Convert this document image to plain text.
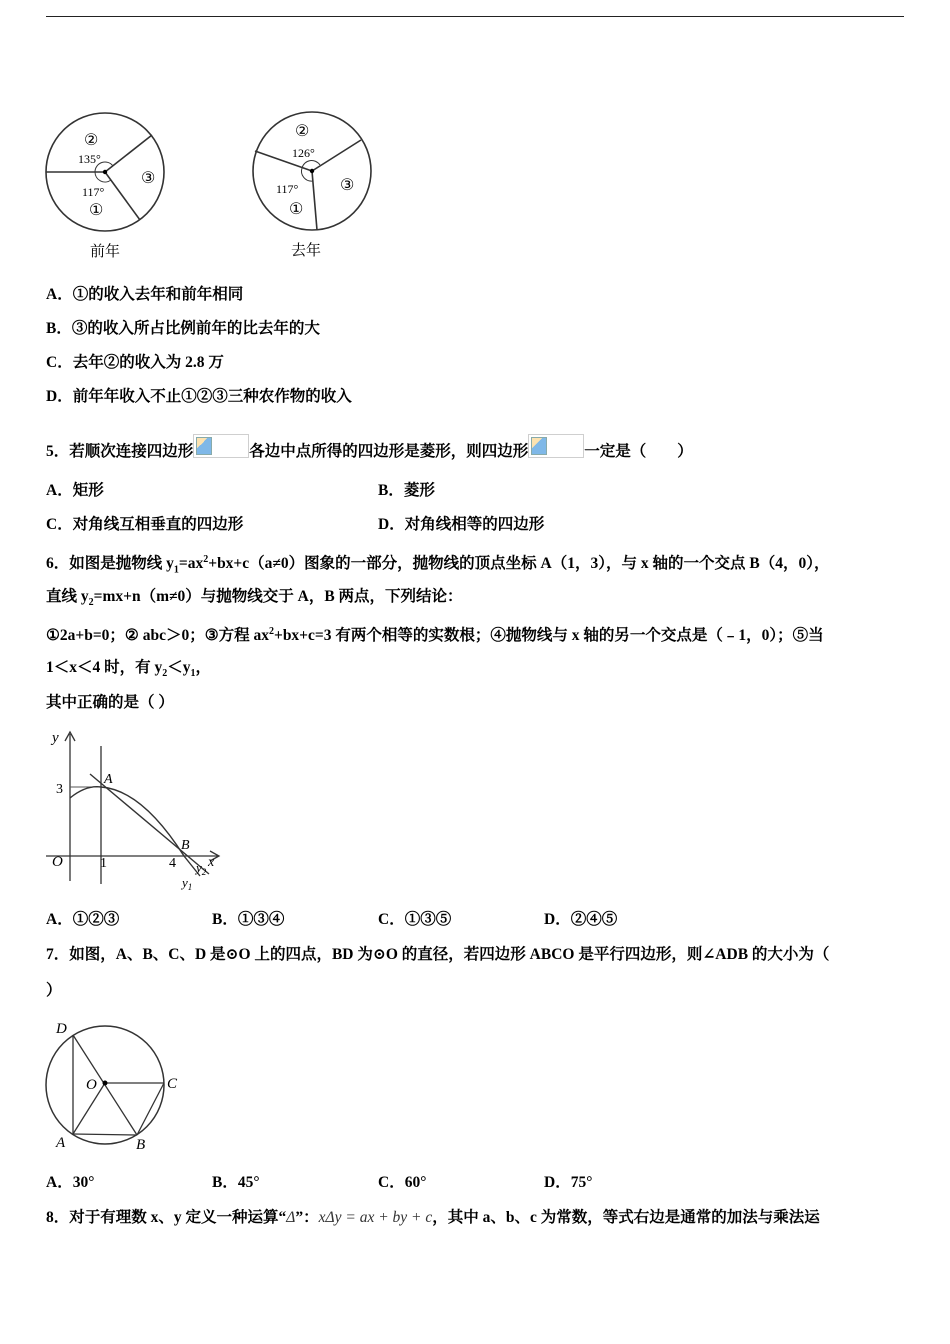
②
135°
117°
①
③
前年
②
126°
117°
①
③
去年
A．①的收入去年和前年相同
B．③的收入所占比例前年的比去年的大
C．去年②的收入为 2.8 万
D．前年年收入不止①②③三种农作物的收入
5．若顺次连接四边形	各边中点所得的四边形是菱形，则四边形	一定是（　　）
A．矩形	B．菱形
C．对角线互相垂直的四边形	D．对角线相等的四边形
6．如图是抛物线 $y_1=ax^2+bx+c(a\ne 0)$图象的一部分，抛物线的顶点坐标 A（1，3），与 x 轴的一个交点 B（4，0），
直线 $y_2=mx+n(m\ne 0)$与抛物线交于 A，B 两点，下列结论：
①2a+b=0；② abc＞0；③方程 $ax^2+bx+c=3$ 有两个相等的实数根；④抛物线与 x 轴的另一个交点是（﹣1，0）；⑤当
1＜x＜4 时，有 $y_2<y_1$，
其中正确的是（ ）
y
x
O	1
3
4
A
B
$y_2$
$y_1$
A．①②③	B．①③④	C．①③⑤	D．②④⑤
7．如图，A、B、C、D 是⊙O 上的四点，BD 为⊙O 的直径，若四边形 ABCO 是平行四边形，则∠ADB 的大小为（
）
D
O	C
A	B
A．30°	B．45°	C．60°	D．75°
8．对于有理数 x、y 定义一种运算“Δ”：xΔy = ax + by + c，其中 a、b、c 为常数，等式右边是通常的加法与乘法运
